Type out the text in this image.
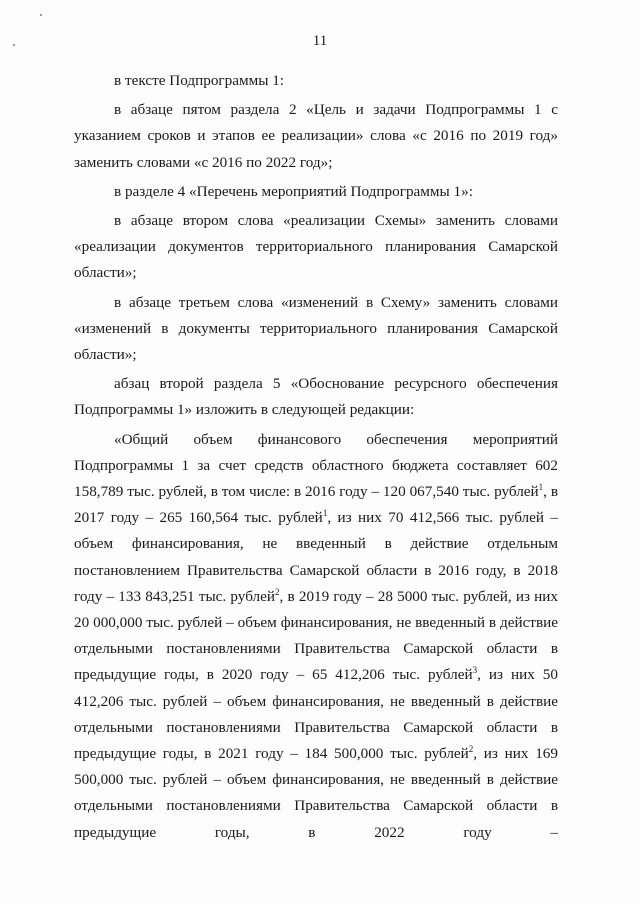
11

в тексте Подпрограммы 1:

в абзаце пятом раздела 2 «Цель и задачи Подпрограммы 1 с указанием сроков и этапов ее реализации» слова «с 2016 по 2019 год» заменить словами «с 2016 по 2022 год»;

в разделе 4 «Перечень мероприятий Подпрограммы 1»:

в абзаце втором слова «реализации Схемы» заменить словами «реализации документов территориального планирования Самарской области»;

в абзаце третьем слова «изменений в Схему» заменить словами «изменений в документы территориального планирования Самарской области»;

абзац второй раздела 5 «Обоснование ресурсного обеспечения Подпрограммы 1» изложить в следующей редакции:

«Общий объем финансового обеспечения мероприятий Подпрограммы 1 за счет средств областного бюджета составляет 602 158,789 тыс. рублей, в том числе: в 2016 году – 120 067,540 тыс. рублей$^1$, в 2017 году – 265 160,564 тыс. рублей$^1$, из них 70 412,566 тыс. рублей – объем финансирования, не введенный в действие отдельным постановлением Правительства Самарской области в 2016 году, в 2018 году – 133 843,251 тыс. рублей$^2$, в 2019 году – 28 5000 тыс. рублей, из них 20 000,000 тыс. рублей – объем финансирования, не введенный в действие отдельными постановлениями Правительства Самарской области в предыдущие годы, в 2020 году – 65 412,206 тыс. рублей$^3$, из них 50 412,206 тыс. рублей – объем финансирования, не введенный в действие отдельными постановлениями Правительства Самарской области в предыдущие годы, в 2021 году – 184 500,000 тыс. рублей$^2$, из них 169 500,000 тыс. рублей – объем финансирования, не введенный в действие отдельными постановлениями Правительства Самарской области в предыдущие годы, в 2022 году –
